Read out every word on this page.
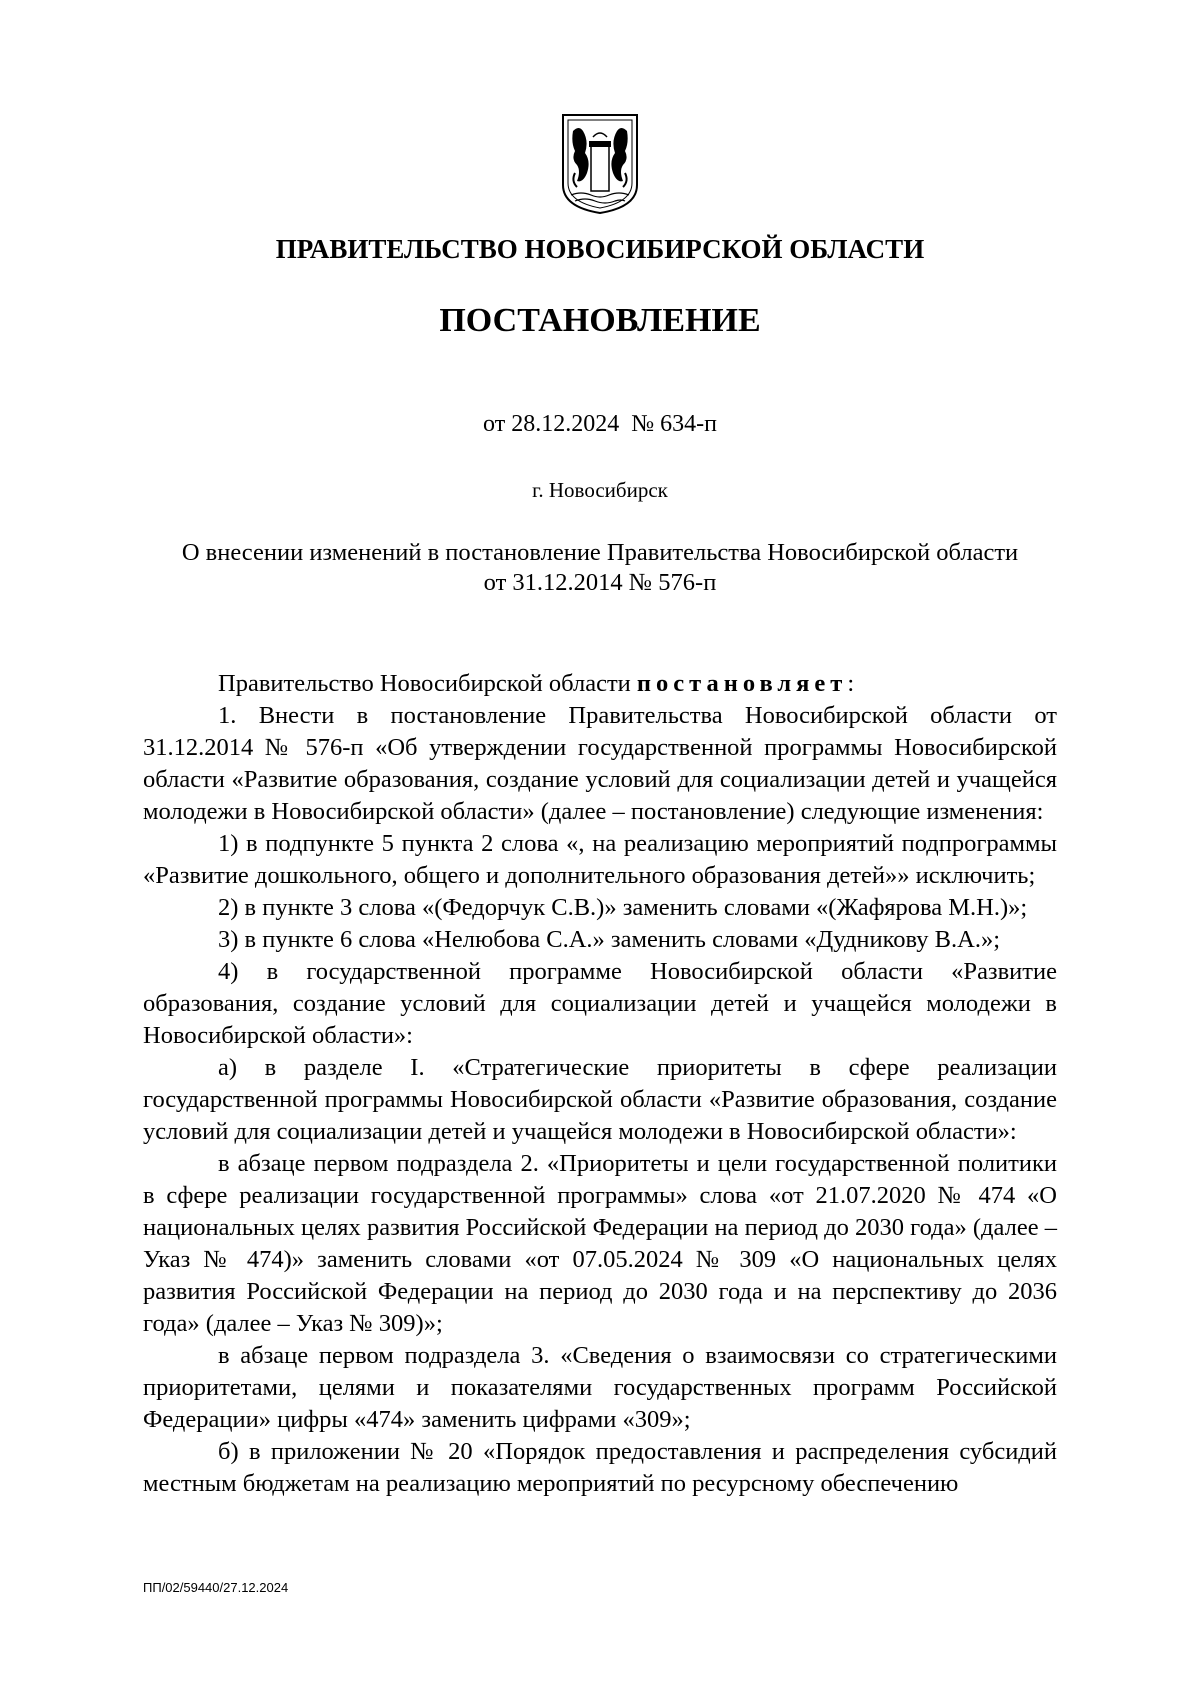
ПРАВИТЕЛЬСТВО НОВОСИБИРСКОЙ ОБЛАСТИ
ПОСТАНОВЛЕНИЕ
от 28.12.2024  № 634-п
г. Новосибирск
О внесении изменений в постановление Правительства Новосибирской области
от 31.12.2014 № 576-п

Правительство Новосибирской области постановляет:

1. Внести в постановление Правительства Новосибирской области от 31.12.2014 № 576-п «Об утверждении государственной программы Новосибирской области «Развитие образования, создание условий для социализации детей и учащейся молодежи в Новосибирской области» (далее – постановление) следующие изменения:

1) в подпункте 5 пункта 2 слова «, на реализацию мероприятий подпрограммы «Развитие дошкольного, общего и дополнительного образования детей»» исключить;

2) в пункте 3 слова «(Федорчук С.В.)» заменить словами «(Жафярова М.Н.)»;

3) в пункте 6 слова «Нелюбова С.А.» заменить словами «Дудникову В.А.»;

4) в государственной программе Новосибирской области «Развитие образования, создание условий для социализации детей и учащейся молодежи в Новосибирской области»:

а) в разделе I. «Стратегические приоритеты в сфере реализации государственной программы Новосибирской области «Развитие образования, создание условий для социализации детей и учащейся молодежи в Новосибирской области»:

в абзаце первом подраздела 2. «Приоритеты и цели государственной политики в сфере реализации государственной программы» слова «от 21.07.2020 № 474 «О национальных целях развития Российской Федерации на период до 2030 года» (далее – Указ № 474)» заменить словами «от 07.05.2024 № 309 «О национальных целях развития Российской Федерации на период до 2030 года и на перспективу до 2036 года» (далее – Указ № 309)»;

в абзаце первом подраздела 3. «Сведения о взаимосвязи со стратегическими приоритетами, целями и показателями государственных программ Российской Федерации» цифры «474» заменить цифрами «309»;

б) в приложении № 20 «Порядок предоставления и распределения субсидий местным бюджетам на реализацию мероприятий по ресурсному обеспечению

ПП/02/59440/27.12.2024
